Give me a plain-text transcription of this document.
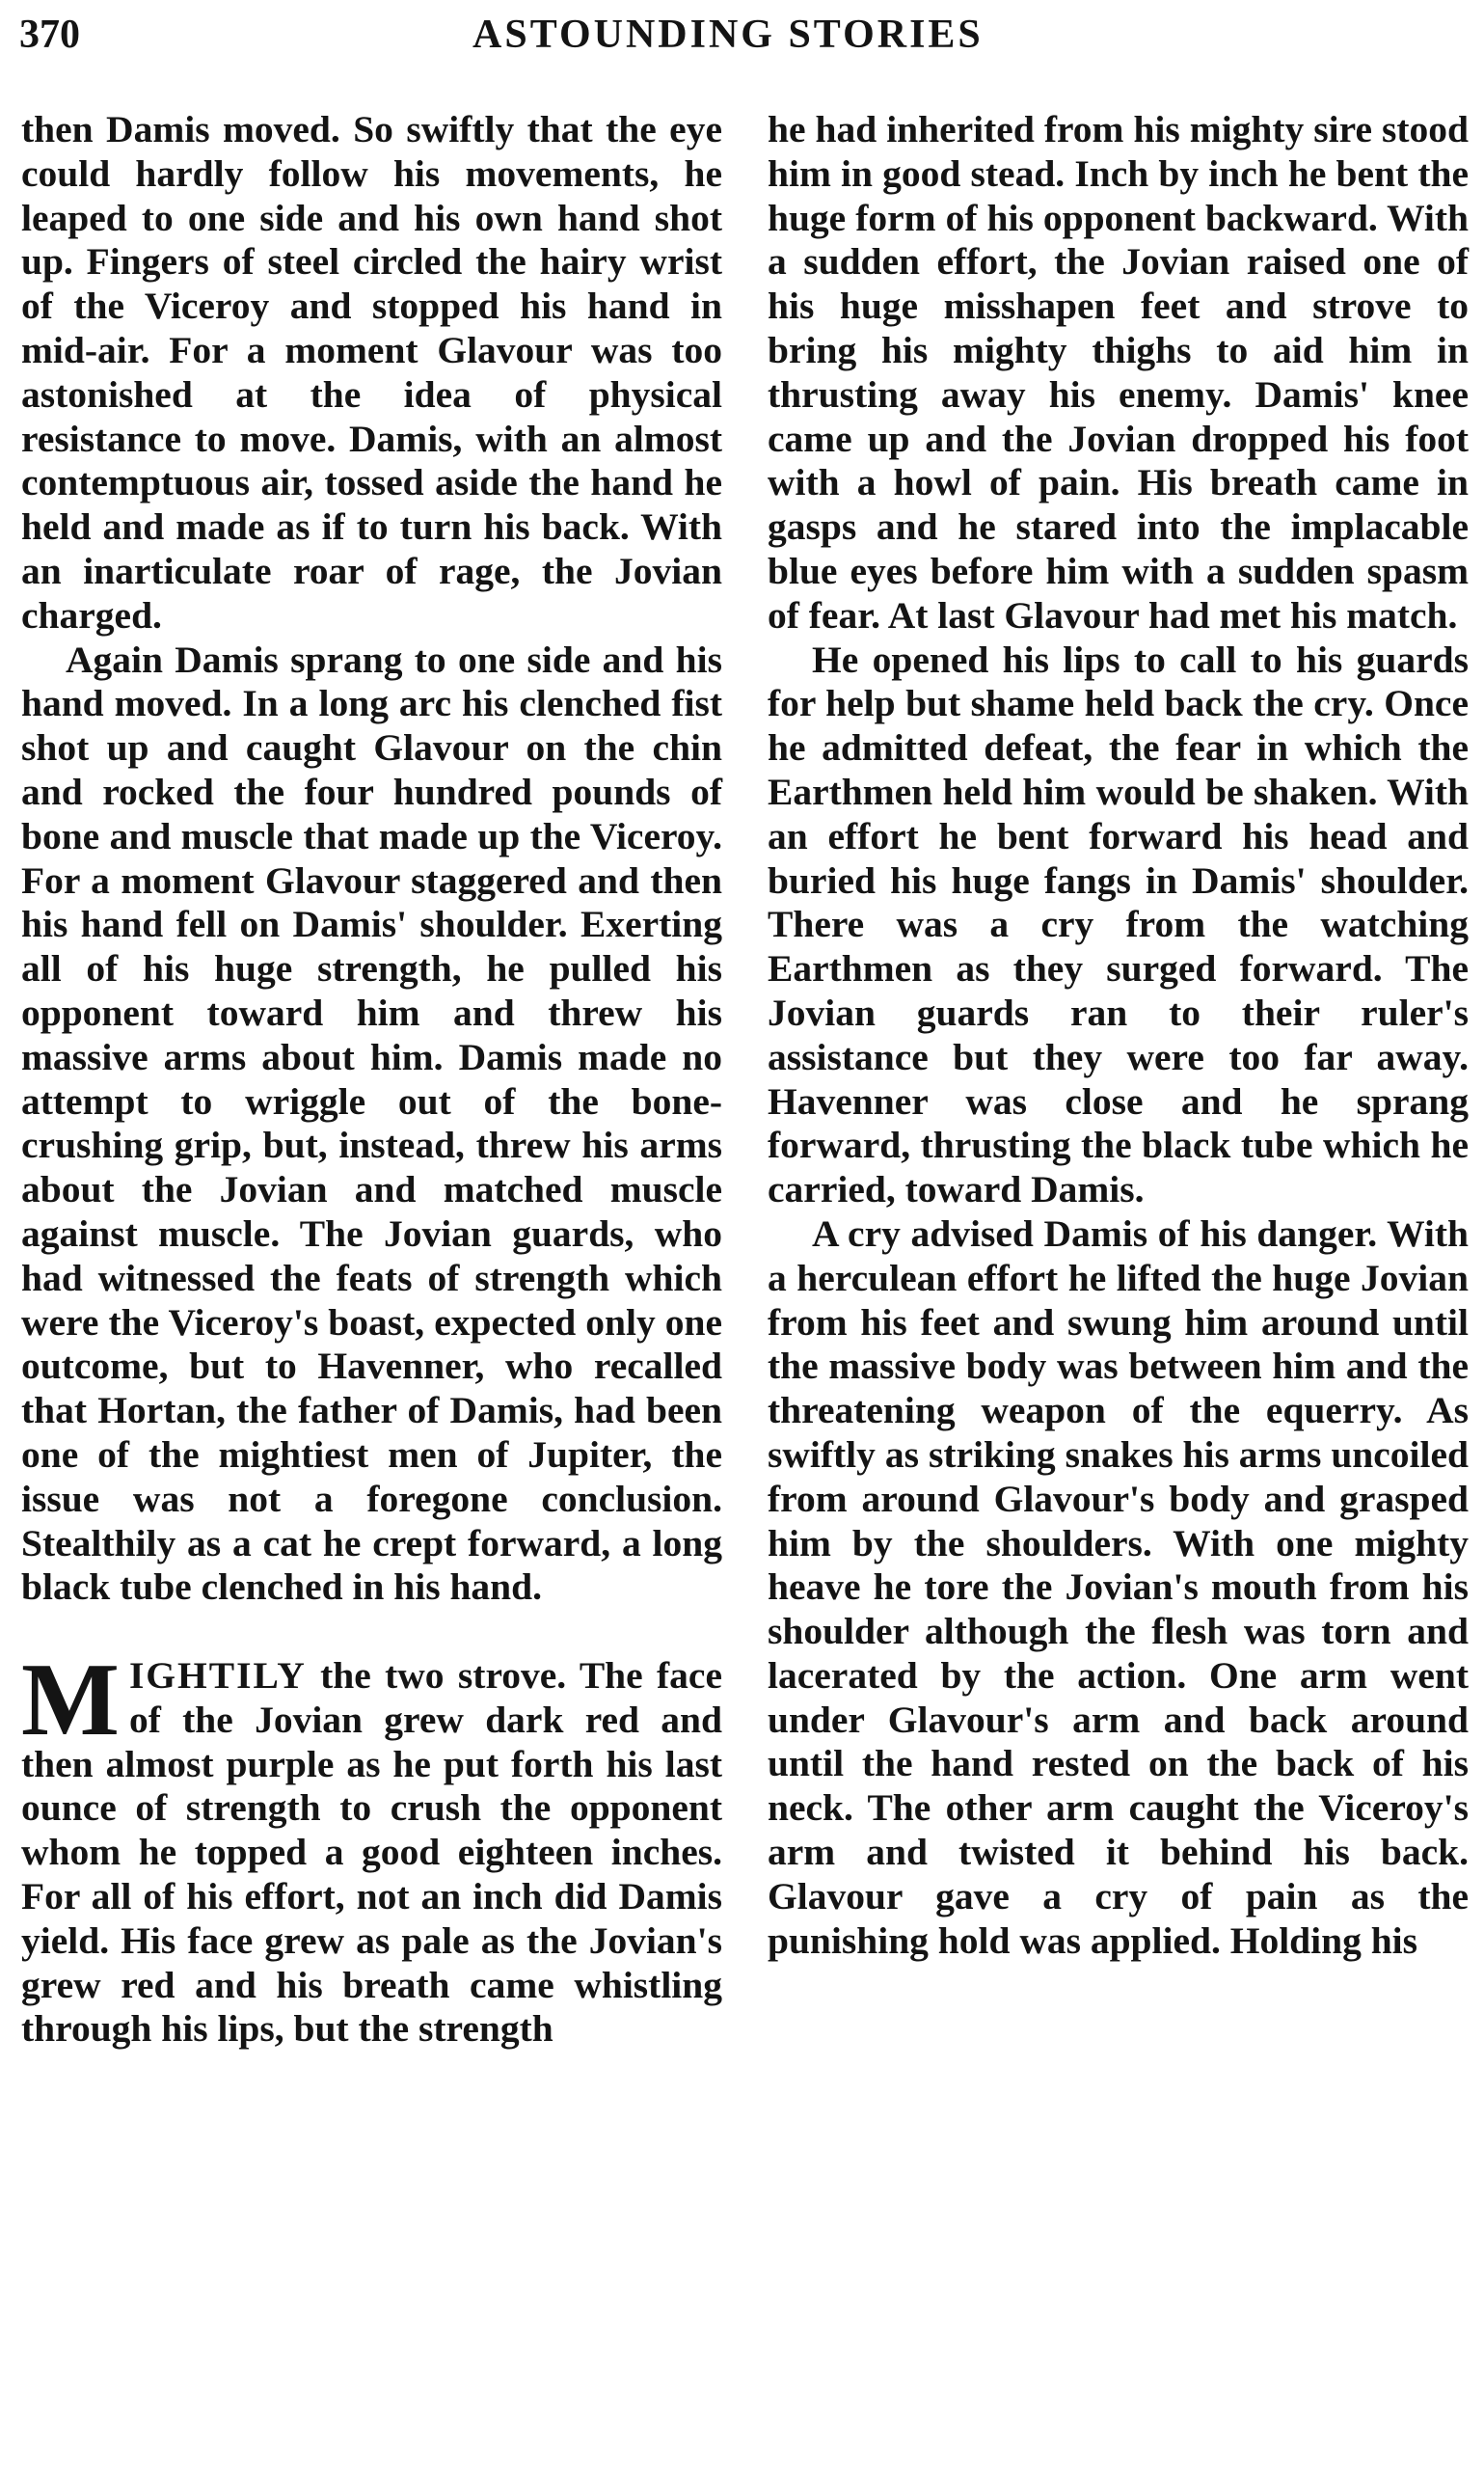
370	ASTOUNDING STORIES

then Damis moved. So swiftly that the eye could hardly follow his movements, he leaped to one side and his own hand shot up. Fingers of steel circled the hairy wrist of the Viceroy and stopped his hand in mid-air. For a moment Glavour was too astonished at the idea of physical resistance to move. Damis, with an almost contemptuous air, tossed aside the hand he held and made as if to turn his back. With an inarticulate roar of rage, the Jovian charged.

Again Damis sprang to one side and his hand moved. In a long arc his clenched fist shot up and caught Glavour on the chin and rocked the four hundred pounds of bone and muscle that made up the Viceroy. For a moment Glavour staggered and then his hand fell on Damis' shoulder. Exerting all of his huge strength, he pulled his opponent toward him and threw his massive arms about him. Damis made no attempt to wriggle out of the bone-crushing grip, but, instead, threw his arms about the Jovian and matched muscle against muscle. The Jovian guards, who had witnessed the feats of strength which were the Viceroy's boast, expected only one outcome, but to Havenner, who recalled that Hortan, the father of Damis, had been one of the mightiest men of Jupiter, the issue was not a foregone conclusion. Stealthily as a cat he crept forward, a long black tube clenched in his hand.

MIGHTILY the two strove. The face of the Jovian grew dark red and then almost purple as he put forth his last ounce of strength to crush the opponent whom he topped a good eighteen inches. For all of his effort, not an inch did Damis yield. His face grew as pale as the Jovian's grew red and his breath came whistling through his lips, but the strength

he had inherited from his mighty sire stood him in good stead. Inch by inch he bent the huge form of his opponent backward. With a sudden effort, the Jovian raised one of his huge misshapen feet and strove to bring his mighty thighs to aid him in thrusting away his enemy. Damis' knee came up and the Jovian dropped his foot with a howl of pain. His breath came in gasps and he stared into the implacable blue eyes before him with a sudden spasm of fear. At last Glavour had met his match.

He opened his lips to call to his guards for help but shame held back the cry. Once he admitted defeat, the fear in which the Earthmen held him would be shaken. With an effort he bent forward his head and buried his huge fangs in Damis' shoulder. There was a cry from the watching Earthmen as they surged forward. The Jovian guards ran to their ruler's assistance but they were too far away. Havenner was close and he sprang forward, thrusting the black tube which he carried, toward Damis.

A cry advised Damis of his danger. With a herculean effort he lifted the huge Jovian from his feet and swung him around until the massive body was between him and the threatening weapon of the equerry. As swiftly as striking snakes his arms uncoiled from around Glavour's body and grasped him by the shoulders. With one mighty heave he tore the Jovian's mouth from his shoulder although the flesh was torn and lacerated by the action. One arm went under Glavour's arm and back around until the hand rested on the back of his neck. The other arm caught the Viceroy's arm and twisted it behind his back. Glavour gave a cry of pain as the punishing hold was applied. Holding his
